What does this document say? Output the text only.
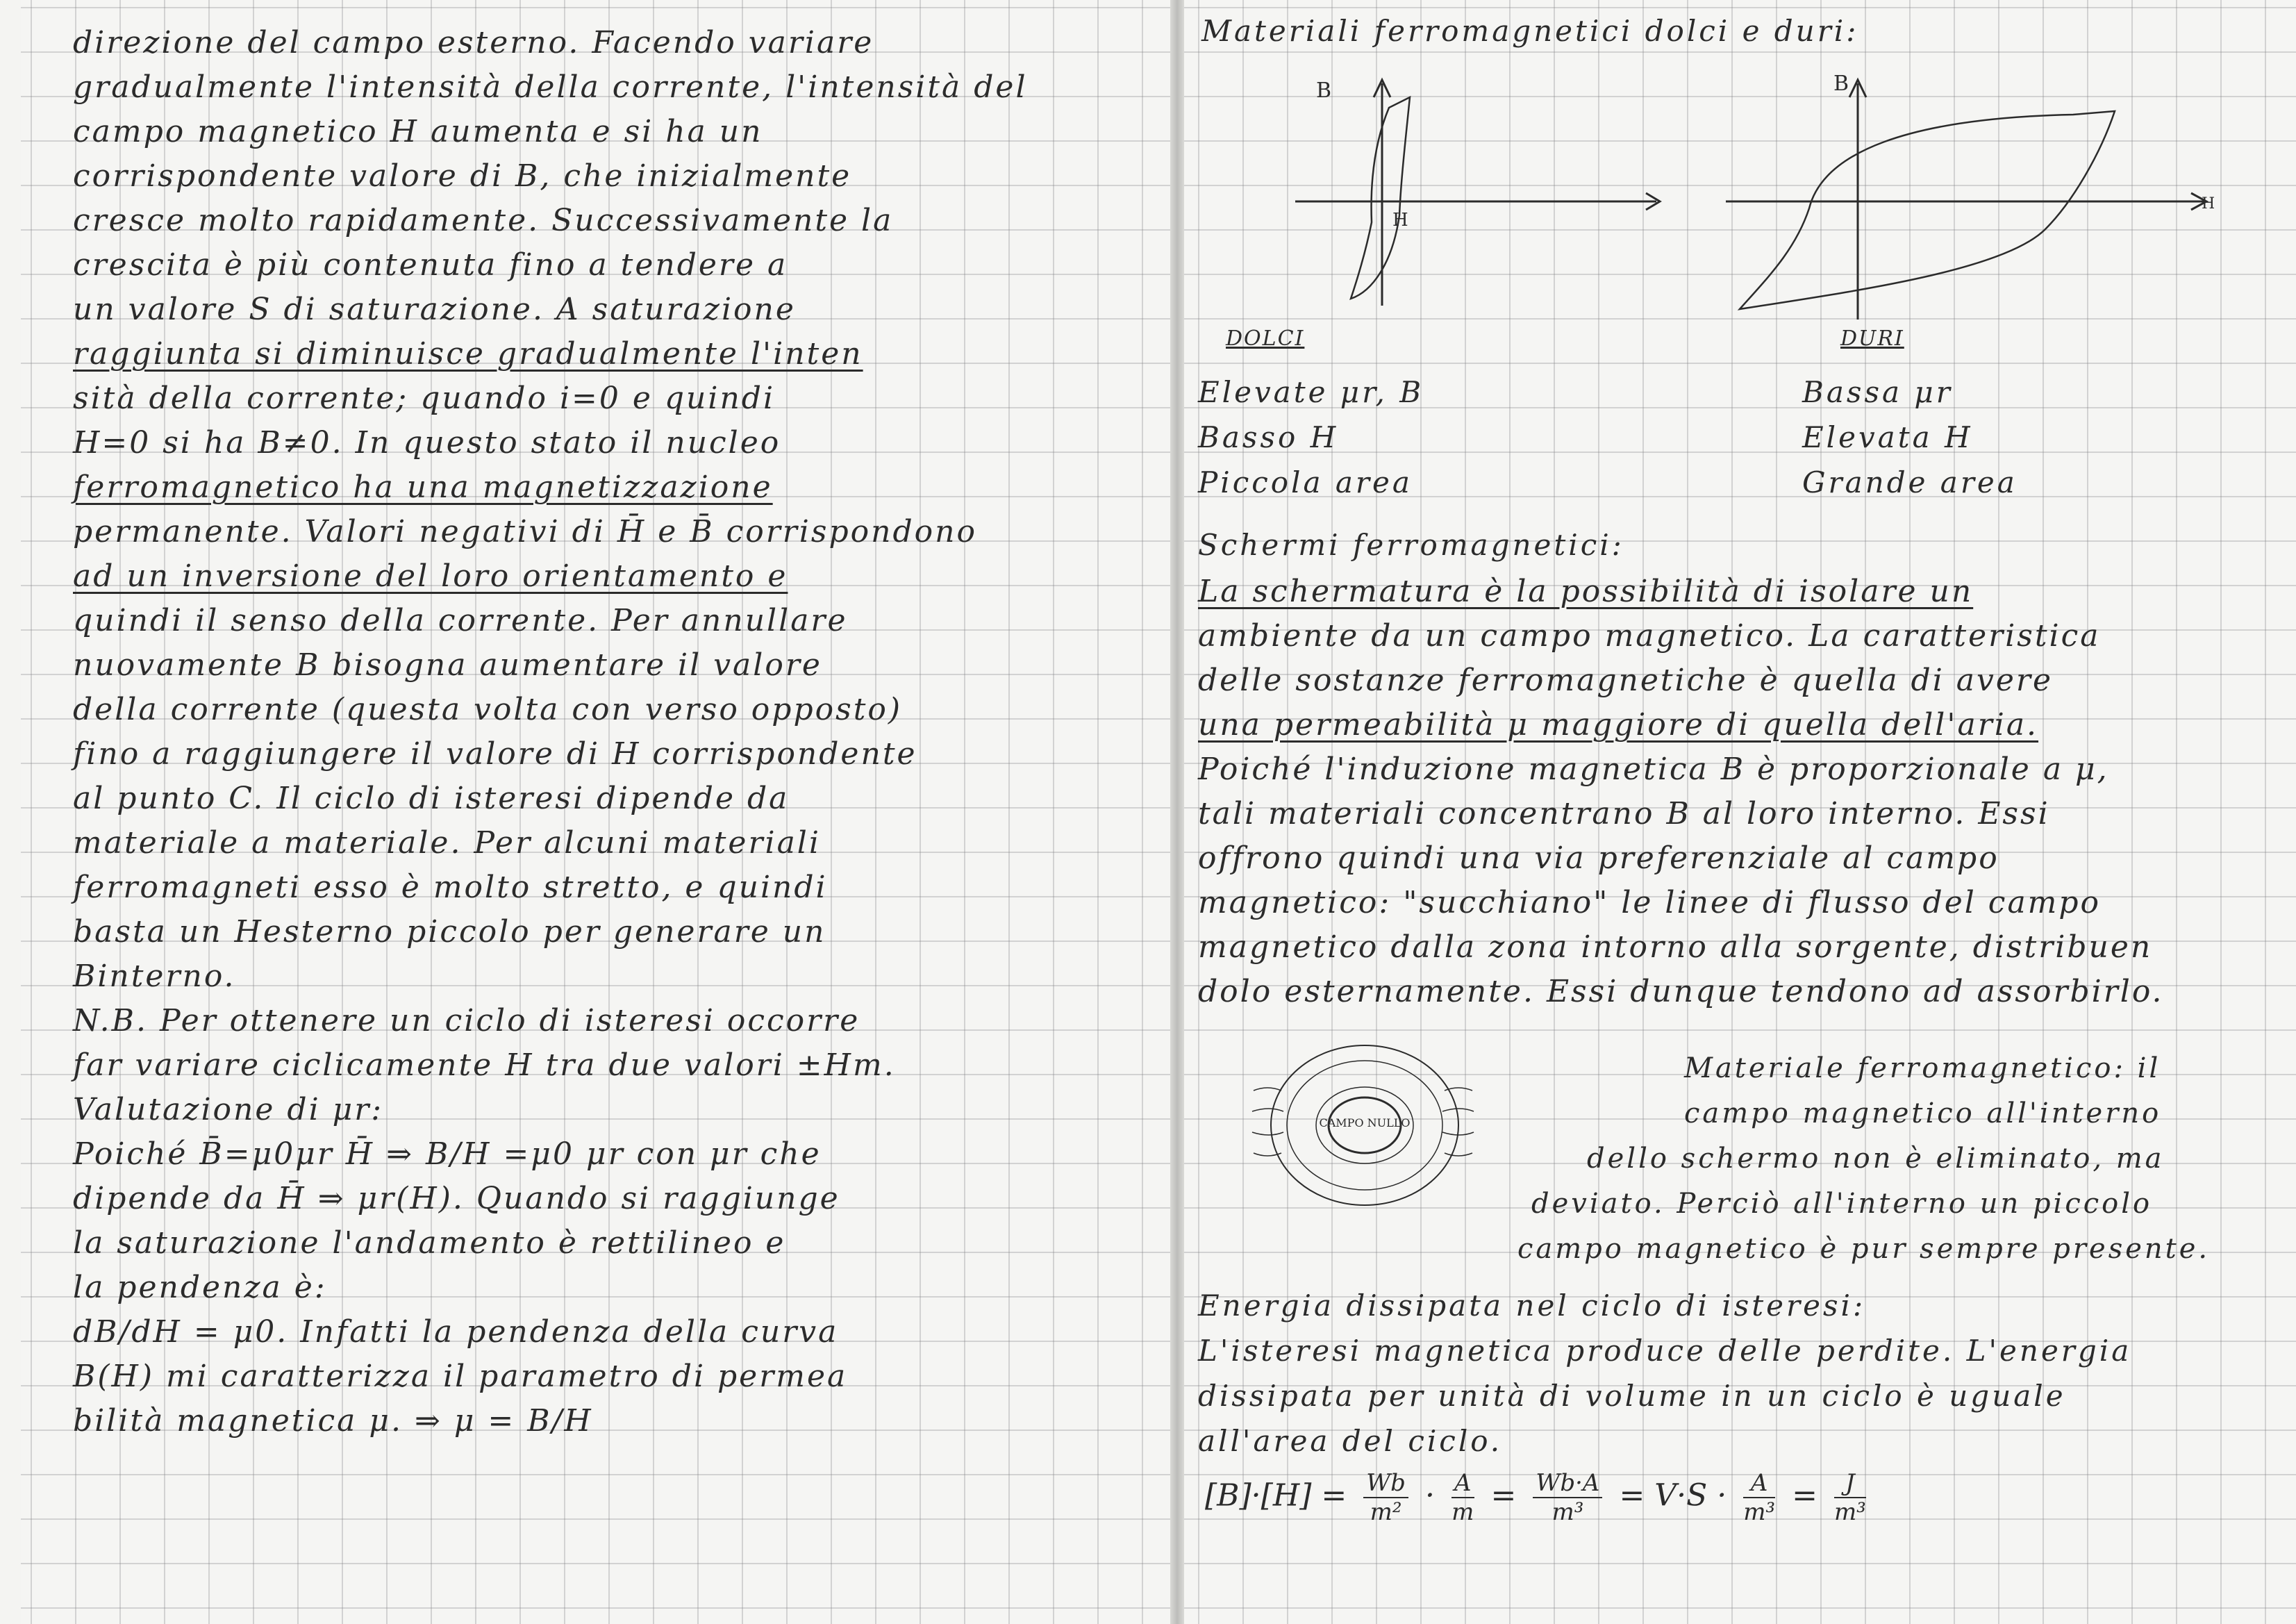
direzione del campo esterno. Facendo variare
gradualmente l'intensità della corrente, l'intensità del
campo magnetico H aumenta e si ha un
corrispondente valore di B, che inizialmente
cresce molto rapidamente. Successivamente la
crescita è più contenuta fino a tendere a
un valore S di saturazione. A saturazione
raggiunta si diminuisce gradualmente l'inten
sità della corrente; quando i=0 e quindi
H=0 si ha B≠0. In questo stato il nucleo
ferromagnetico ha una magnetizzazione
permanente. Valori negativi di H̄ e B̄ corrispondono
ad un inversione del loro orientamento e
quindi il senso della corrente. Per annullare
nuovamente B bisogna aumentare il valore
della corrente (questa volta con verso opposto)
fino a raggiungere il valore di H corrispondente
al punto C. Il ciclo di isteresi dipende da
materiale a materiale. Per alcuni materiali
ferromagneti esso è molto stretto, e quindi
basta un Hesterno piccolo per generare un
Binterno.
N.B. Per ottenere un ciclo di isteresi occorre
far variare ciclicamente H tra due valori ±Hm.
Valutazione di μr:
Poiché B̄=μ0μr H̄ ⇒ B/H =μ0 μr con μr che
dipende da H̄ ⇒ μr(H). Quando si raggiunge
la saturazione l'andamento è rettilineo e
la pendenza è:
dB/dH = μ0. Infatti la pendenza della curva
B(H) mi caratterizza il parametro di permea
bilità magnetica μ. ⇒ μ = B/H
Materiali ferromagnetici dolci e duri:
B
H
B
H
DOLCI
Elevate μr, B
Basso H
Piccola area
DURI
Bassa μr
Elevata H
Grande area
Schermi ferromagnetici:
La schermatura è la possibilità di isolare un
ambiente da un campo magnetico. La caratteristica
delle sostanze ferromagnetiche è quella di avere
una permeabilità μ maggiore di quella dell'aria.
Poiché l'induzione magnetica B è proporzionale a μ,
tali materiali concentrano B al loro interno. Essi
offrono quindi una via preferenziale al campo
magnetico: "succhiano" le linee di flusso del campo
magnetico dalla zona intorno alla sorgente, distribuen
dolo esternamente. Essi dunque tendono ad assorbirlo.
CAMPO NULLO
Materiale ferromagnetico: il
campo magnetico all'interno
dello schermo non è eliminato, ma
deviato. Perciò all'interno un piccolo
campo magnetico è pur sempre presente.
Energia dissipata nel ciclo di isteresi:
L'isteresi magnetica produce delle perdite. L'energia
dissipata per unità di volume in un ciclo è uguale
all'area del ciclo.
$[B]\cdot[H] = \frac{Wb}{\text{m²}} \cdot \frac{A}{m} = \frac{Wb\cdot A}{\text{m³}} = V\cdot S \cdot \frac{A}{\text{m³}} = \frac{J}{\text{m³}}$
